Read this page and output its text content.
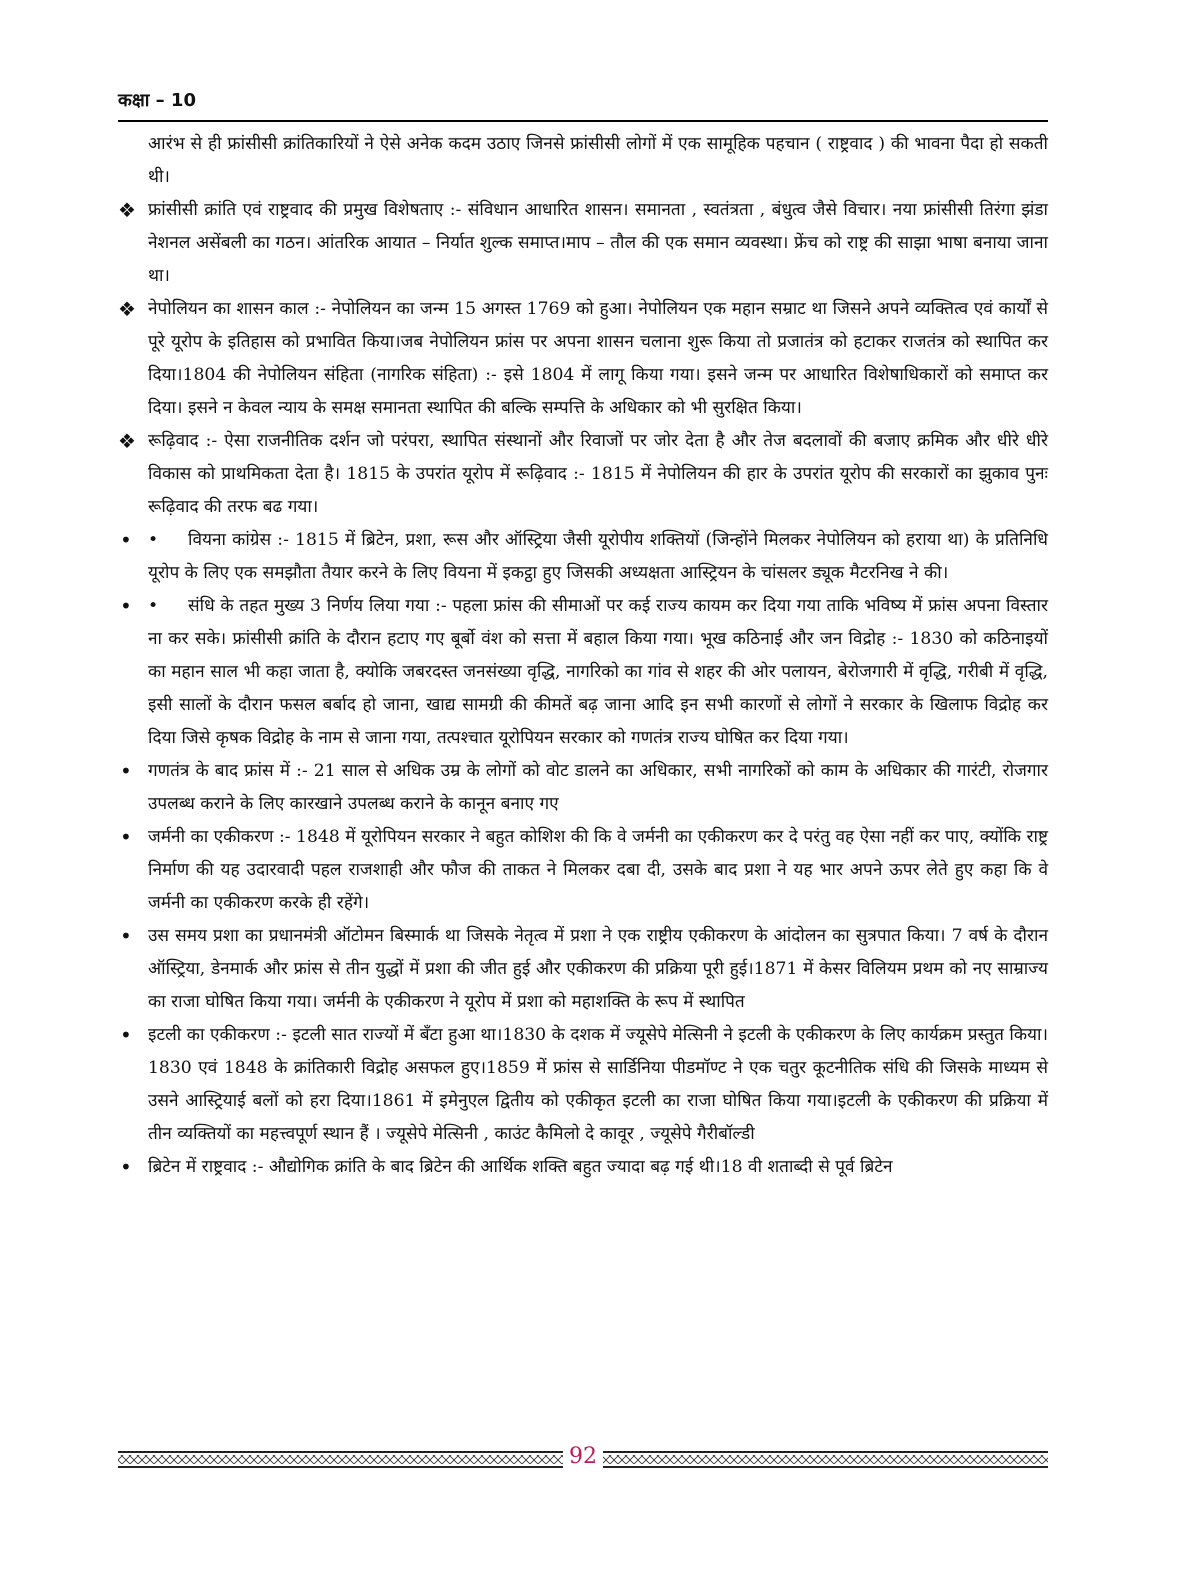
कक्षा – 10

आरंभ से ही फ्रांसीसी क्रांतिकारियों ने ऐसे अनेक कदम उठाए जिनसे फ्रांसीसी लोगों में एक सामूहिक पहचान ( राष्ट्रवाद ) की भावना पैदा हो सकती थी।

❖ फ्रांसीसी क्रांति एवं राष्ट्रवाद की प्रमुख विशेषताए :- संविधान आधारित शासन। समानता , स्वतंत्रता , बंधुत्व जैसे विचार। नया फ्रांसीसी तिरंगा झंडा नेशनल असेंबली का गठन। आंतरिक आयात – निर्यात शुल्क समाप्त।माप – तौल की एक समान व्यवस्था। फ्रेंच को राष्ट्र की साझा भाषा बनाया जाना था।

❖ नेपोलियन का शासन काल :- नेपोलियन का जन्म 15 अगस्त 1769 को हुआ। नेपोलियन एक महान सम्राट था जिसने अपने व्यक्तित्व एवं कार्यों से पूरे यूरोप के इतिहास को प्रभावित किया।जब नेपोलियन फ्रांस पर अपना शासन चलाना शुरू किया तो प्रजातंत्र को हटाकर राजतंत्र को स्थापित कर दिया।1804 की नेपोलियन संहिता (नागरिक संहिता) :- इसे 1804 में लागू किया गया। इसने जन्म पर आधारित विशेषाधिकारों को समाप्त कर दिया। इसने न केवल न्याय के समक्ष समानता स्थापित की बल्कि सम्पत्ति के अधिकार को भी सुरक्षित किया।

❖ रूढ़िवाद :- ऐसा राजनीतिक दर्शन जो परंपरा, स्थापित संस्थानों और रिवाजों पर जोर देता है और तेज बदलावों की बजाए क्रमिक और धीरे धीरे विकास को प्राथमिकता देता है। 1815 के उपरांत यूरोप में रूढ़िवाद :- 1815 में नेपोलियन की हार के उपरांत यूरोप की सरकारों का झुकाव पुनः रूढ़िवाद की तरफ बढ गया।

• • वियना कांग्रेस :- 1815 में ब्रिटेन, प्रशा, रूस और ऑस्ट्रिया जैसी यूरोपीय शक्तियों (जिन्होंने मिलकर नेपोलियन को हराया था) के प्रतिनिधि यूरोप के लिए एक समझौता तैयार करने के लिए वियना में इकट्ठा हुए जिसकी अध्यक्षता आस्ट्रियन के चांसलर ड्यूक मैटरनिख ने की।

• • संधि के तहत मुख्य 3 निर्णय लिया गया :- पहला फ्रांस की सीमाओं पर कई राज्य कायम कर दिया गया ताकि भविष्य में फ्रांस अपना विस्तार ना कर सके। फ्रांसीसी क्रांति के दौरान हटाए गए बूर्बो वंश को सत्ता में बहाल किया गया। भूख कठिनाई और जन विद्रोह :- 1830 को कठिनाइयों का महान साल भी कहा जाता है, क्योकि जबरदस्त जनसंख्या वृद्धि, नागरिको का गांव से शहर की ओर पलायन, बेरोजगारी में वृद्धि, गरीबी में वृद्धि, इसी सालों के दौरान फसल बर्बाद हो जाना, खाद्य सामग्री की कीमतें बढ़ जाना आदि इन सभी कारणों से लोगों ने सरकार के खिलाफ विद्रोह कर दिया जिसे कृषक विद्रोह के नाम से जाना गया, तत्पश्चात यूरोपियन सरकार को गणतंत्र राज्य घोषित कर दिया गया।

• गणतंत्र के बाद फ्रांस में :- 21 साल से अधिक उम्र के लोगों को वोट डालने का अधिकार, सभी नागरिकों को काम के अधिकार की गारंटी, रोजगार उपलब्ध कराने के लिए कारखाने उपलब्ध कराने के कानून बनाए गए

• जर्मनी का एकीकरण :- 1848 में यूरोपियन सरकार ने बहुत कोशिश की कि वे जर्मनी का एकीकरण कर दे परंतु वह ऐसा नहीं कर पाए, क्योंकि राष्ट्र निर्माण की यह उदारवादी पहल राजशाही और फौज की ताकत ने मिलकर दबा दी, उसके बाद प्रशा ने यह भार अपने ऊपर लेते हुए कहा कि वे जर्मनी का एकीकरण करके ही रहेंगे।

• उस समय प्रशा का प्रधानमंत्री ऑटोमन बिस्मार्क था जिसके नेतृत्व में प्रशा ने एक राष्ट्रीय एकीकरण के आंदोलन का सुत्रपात किया। 7 वर्ष के दौरान ऑस्ट्रिया, डेनमार्क और फ्रांस से तीन युद्धों में प्रशा की जीत हुई और एकीकरण की प्रक्रिया पूरी हुई।1871 में केसर विलियम प्रथम को नए साम्राज्य का राजा घोषित किया गया। जर्मनी के एकीकरण ने यूरोप में प्रशा को महाशक्ति के रूप में स्थापित

• इटली का एकीकरण :- इटली सात राज्यों में बँटा हुआ था।1830 के दशक में ज्यूसेपे मेत्सिनी ने इटली के एकीकरण के लिए कार्यक्रम प्रस्तुत किया।1830 एवं 1848 के क्रांतिकारी विद्रोह असफल हुए।1859 में फ्रांस से सार्डिनिया पीडमॉण्ट ने एक चतुर कूटनीतिक संधि की जिसके माध्यम से उसने आस्ट्रियाई बलों को हरा दिया।1861 में इमेनुएल द्वितीय को एकीकृत इटली का राजा घोषित किया गया।इटली के एकीकरण की प्रक्रिया में तीन व्यक्तियों का महत्त्वपूर्ण स्थान हैं । ज्यूसेपे मेत्सिनी , काउंट कैमिलो दे कावूर , ज्यूसेपे गैरीबॉल्डी

• ब्रिटेन में राष्ट्रवाद :- औद्योगिक क्रांति के बाद ब्रिटेन की आर्थिक शक्ति बहुत ज्यादा बढ़ गई थी।18 वी शताब्दी से पूर्व ब्रिटेन

92
